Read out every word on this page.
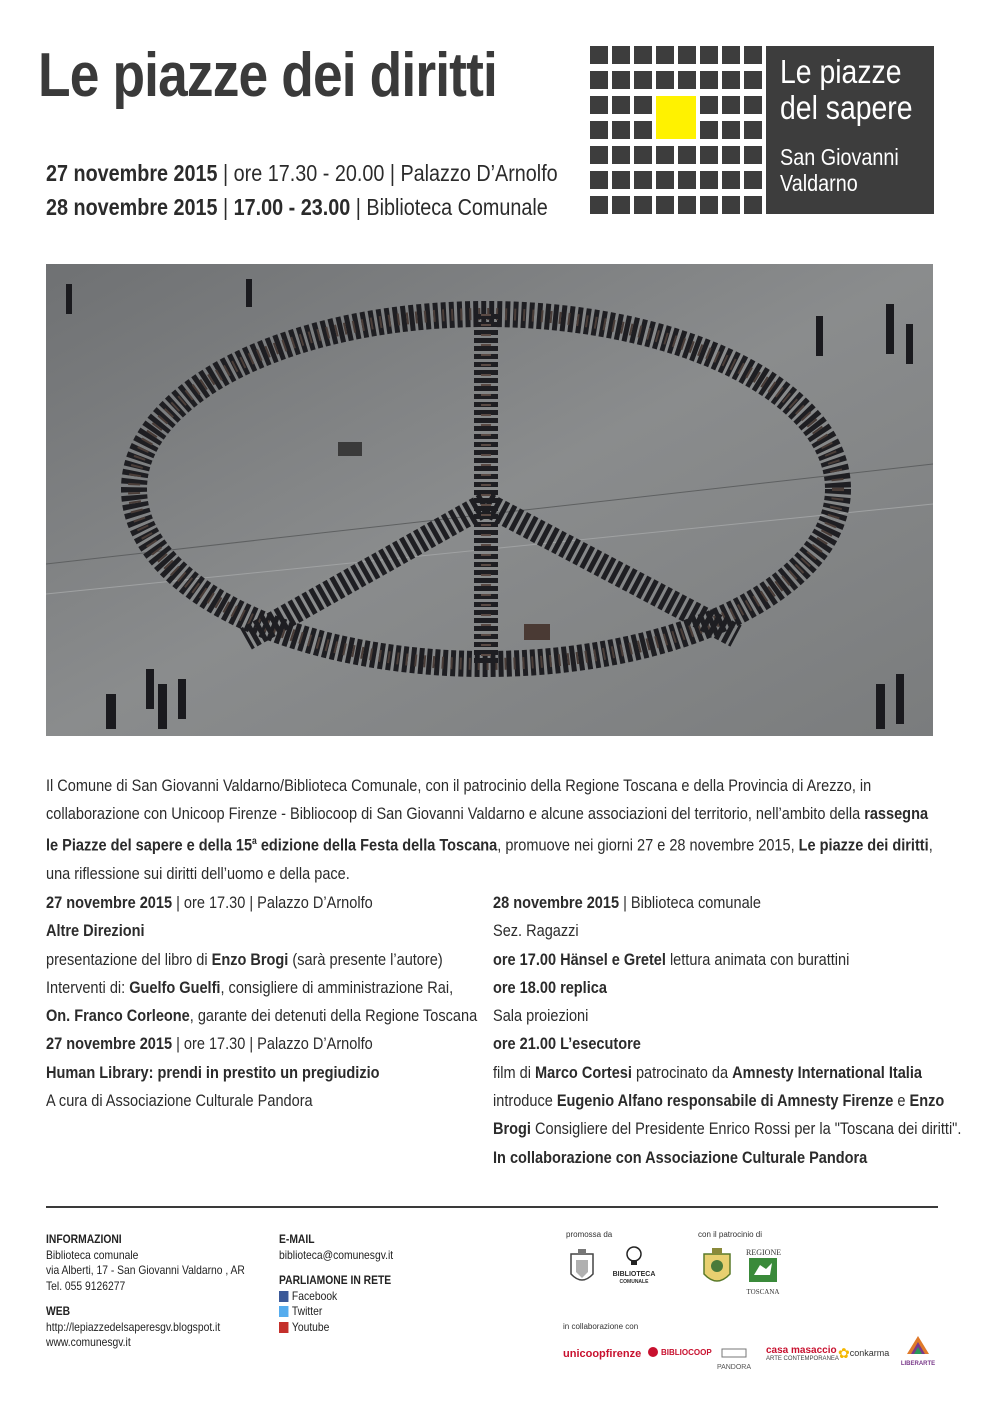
Le piazze dei diritti
27 novembre 2015 | ore 17.30 - 20.00 | Palazzo D’Arnolfo
28 novembre 2015 | 17.00 - 23.00 | Biblioteca Comunale
Le piazze
del sapere
San Giovanni
Valdarno
Il Comune di San Giovanni Valdarno/Biblioteca Comunale, con il patrocinio della Regione Toscana e della Provincia di Arezzo, in collaborazione con Unicoop Firenze - Bibliocoop di San Giovanni Valdarno e alcune associazioni del territorio, nell’ambito della rassegna le Piazze del sapere e della 15$^a$ edizione della Festa della Toscana, promuove nei giorni 27 e 28 novembre 2015, Le piazze dei diritti, una riflessione sui diritti dell’uomo e della pace.
27 novembre 2015 | ore 17.30 | Palazzo D’Arnolfo
Altre Direzioni
presentazione del libro di Enzo Brogi (sarà presente l’autore)
Interventi di: Guelfo Guelfi, consigliere di amministrazione Rai,
On. Franco Corleone, garante dei detenuti della Regione Toscana
27 novembre 2015 | ore 17.30 | Palazzo D’Arnolfo
Human Library: prendi in prestito un pregiudizio
A cura di Associazione Culturale Pandora
28 novembre 2015 | Biblioteca comunale
Sez. Ragazzi
ore 17.00 Hänsel e Gretel lettura animata con burattini
ore 18.00 replica
Sala proiezioni
ore 21.00 L’esecutore
film di Marco Cortesi patrocinato da Amnesty International Italia
introduce Eugenio Alfano responsabile di Amnesty Firenze e Enzo
Brogi Consigliere del Presidente Enrico Rossi per la "Toscana dei diritti".
In collaborazione con Associazione Culturale Pandora
INFORMAZIONI
Biblioteca comunale
via Alberti, 17 - San Giovanni Valdarno , AR
Tel. 055 9126277
WEB
http://lepiazzedelsaperesgv.blogspot.it
www.comunesgv.it
E-MAIL
biblioteca@comunesgv.it
PARLIAMONE IN RETE
Facebook
Twitter
Youtube
promossa da
BIBLIOTECA
COMUNALE
con il patrocinio di
REGIONE
TOSCANA
in collaborazione con
unicoopfirenze	BIBLIOCOOP
PANDORA
casa masaccio
ARTE CONTEMPORANEA ✿conkarma
LIBERARTE
